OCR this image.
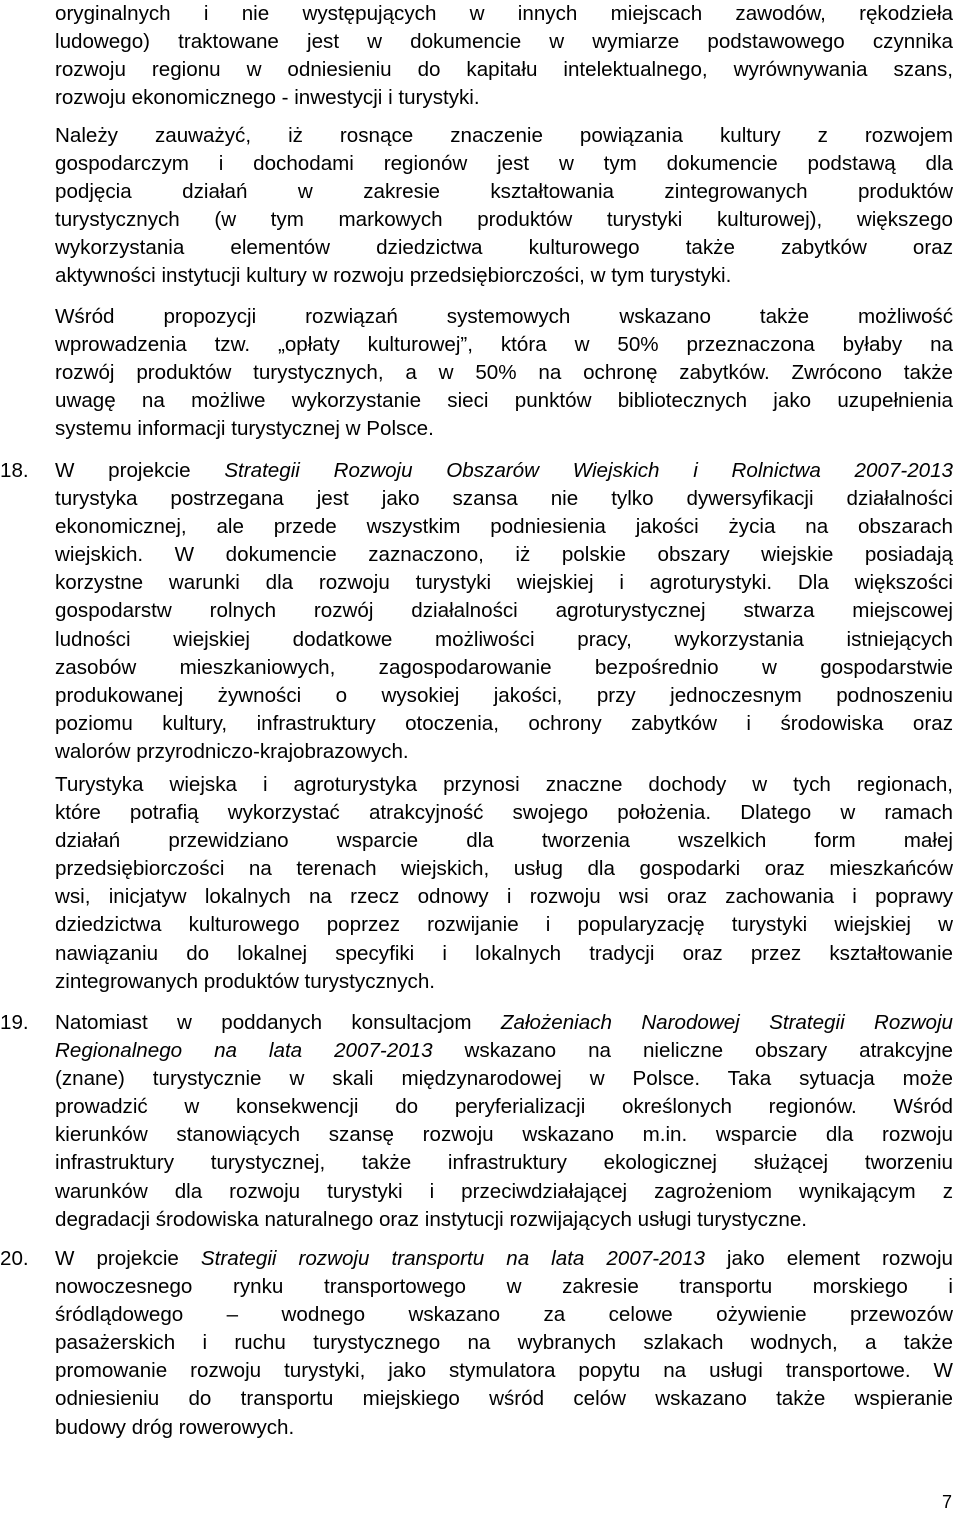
oryginalnych i nie występujących w innych miejscach zawodów, rękodzieła
ludowego) traktowane jest w dokumencie w wymiarze podstawowego czynnika
rozwoju regionu w odniesieniu do kapitału intelektualnego, wyrównywania szans,
rozwoju ekonomicznego - inwestycji i turystyki.
Należy zauważyć, iż rosnące znaczenie powiązania kultury z rozwojem
gospodarczym i dochodami regionów jest w tym dokumencie podstawą dla
podjęcia działań w zakresie kształtowania zintegrowanych produktów
turystycznych (w tym markowych produktów turystyki kulturowej), większego
wykorzystania elementów dziedzictwa kulturowego także zabytków oraz
aktywności instytucji kultury w rozwoju przedsiębiorczości, w tym turystyki.
Wśród propozycji rozwiązań systemowych wskazano także możliwość
wprowadzenia tzw. „opłaty kulturowej”, która w 50% przeznaczona byłaby na
rozwój produktów turystycznych, a w 50% na ochronę zabytków. Zwrócono także
uwagę na możliwe wykorzystanie sieci punktów bibliotecznych jako uzupełnienia
systemu informacji turystycznej w Polsce.
18. W projekcie Strategii Rozwoju Obszarów Wiejskich i Rolnictwa 2007-2013
turystyka postrzegana jest jako szansa nie tylko dywersyfikacji działalności
ekonomicznej, ale przede wszystkim podniesienia jakości życia na obszarach
wiejskich. W dokumencie zaznaczono, iż polskie obszary wiejskie posiadają
korzystne warunki dla rozwoju turystyki wiejskiej i agroturystyki. Dla większości
gospodarstw rolnych rozwój działalności agroturystycznej stwarza miejscowej
ludności wiejskiej dodatkowe możliwości pracy, wykorzystania istniejących
zasobów mieszkaniowych, zagospodarowanie bezpośrednio w gospodarstwie
produkowanej żywności o wysokiej jakości, przy jednoczesnym podnoszeniu
poziomu kultury, infrastruktury otoczenia, ochrony zabytków i środowiska oraz
walorów przyrodniczo-krajobrazowych.
Turystyka wiejska i agroturystyka przynosi znaczne dochody w tych regionach,
które potrafią wykorzystać atrakcyjność swojego położenia. Dlatego w ramach
działań przewidziano wsparcie dla tworzenia wszelkich form małej
przedsiębiorczości na terenach wiejskich, usług dla gospodarki oraz mieszkańców
wsi, inicjatyw lokalnych na rzecz odnowy i rozwoju wsi oraz zachowania i poprawy
dziedzictwa kulturowego poprzez rozwijanie i popularyzację turystyki wiejskiej w
nawiązaniu do lokalnej specyfiki i lokalnych tradycji oraz przez kształtowanie
zintegrowanych produktów turystycznych.
19. Natomiast w poddanych konsultacjom Założeniach Narodowej Strategii Rozwoju
Regionalnego na lata 2007-2013 wskazano na nieliczne obszary atrakcyjne
(znane) turystycznie w skali międzynarodowej w Polsce. Taka sytuacja może
prowadzić w konsekwencji do peryferializacji określonych regionów. Wśród
kierunków stanowiących szansę rozwoju wskazano m.in. wsparcie dla rozwoju
infrastruktury turystycznej, także infrastruktury ekologicznej służącej tworzeniu
warunków dla rozwoju turystyki i przeciwdziałającej zagrożeniom wynikającym z
degradacji środowiska naturalnego oraz instytucji rozwijających usługi turystyczne.
20. W projekcie Strategii rozwoju transportu na lata 2007-2013 jako element rozwoju
nowoczesnego rynku transportowego w zakresie transportu morskiego i
śródlądowego – wodnego wskazano za celowe ożywienie przewozów
pasażerskich i ruchu turystycznego na wybranych szlakach wodnych, a także
promowanie rozwoju turystyki, jako stymulatora popytu na usługi transportowe. W
odniesieniu do transportu miejskiego wśród celów wskazano także wspieranie
budowy dróg rowerowych.
7
